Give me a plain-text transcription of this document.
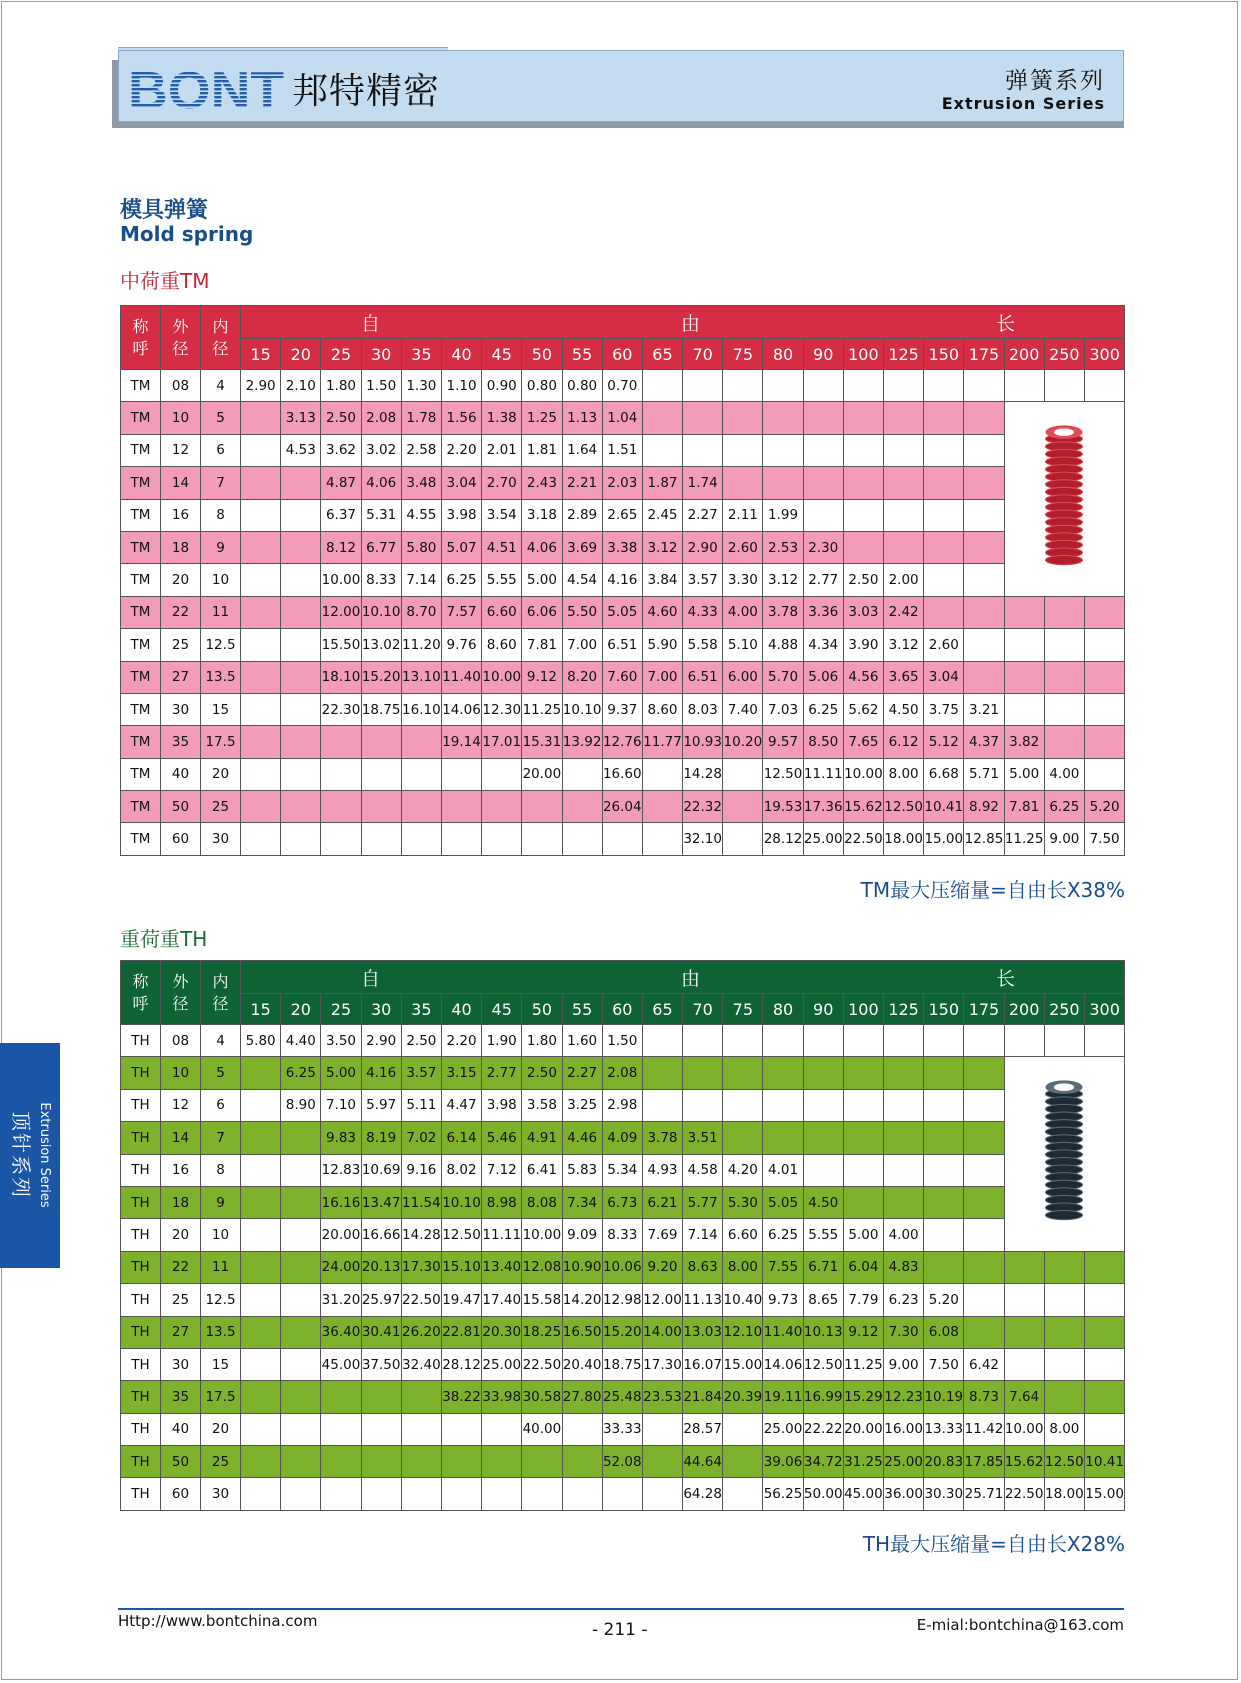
BONT 邦特精密	弹簧系列
Extrusion Series
模具弹簧
Mold spring
中荷重TM
称呼	外径	内径	自 由 长																					

			15	20	25	30	35	40	45	50	55	60	65	70	75	80	90	100	125	150	175	200	250	300
TM	08	4	2.90	2.10	1.80	1.50	1.30	1.10	0.90	0.80	0.80	0.70												
TM	10	5		3.13	2.50	2.08	1.78	1.56	1.38	1.25	1.13	1.04										
TM	12	6		4.53	3.62	3.02	2.58	2.20	2.01	1.81	1.64	1.51												
TM	14	7			4.87	4.06	3.48	3.04	2.70	2.43	2.21	2.03	1.87	1.74										
TM	16	8			6.37	5.31	4.55	3.98	3.54	3.18	2.89	2.65	2.45	2.27	2.11	1.99								
TM	18	9			8.12	6.77	5.80	5.07	4.51	4.06	3.69	3.38	3.12	2.90	2.60	2.53	2.30							
TM	20	10			10.00	8.33	7.14	6.25	5.55	5.00	4.54	4.16	3.84	3.57	3.30	3.12	2.77	2.50	2.00					
TM	22	11			12.00	10.10	8.70	7.57	6.60	6.06	5.50	5.05	4.60	4.33	4.00	3.78	3.36	3.03	2.42					
TM	25	12.5			15.50	13.02	11.20	9.76	8.60	7.81	7.00	6.51	5.90	5.58	5.10	4.88	4.34	3.90	3.12	2.60				
TM	27	13.5			18.10	15.20	13.10	11.40	10.00	9.12	8.20	7.60	7.00	6.51	6.00	5.70	5.06	4.56	3.65	3.04				
TM	30	15			22.30	18.75	16.10	14.06	12.30	11.25	10.10	9.37	8.60	8.03	7.40	7.03	6.25	5.62	4.50	3.75	3.21			
TM	35	17.5						19.14	17.01	15.31	13.92	12.76	11.77	10.93	10.20	9.57	8.50	7.65	6.12	5.12	4.37	3.82		
TM	40	20								20.00		16.60		14.28		12.50	11.11	10.00	8.00	6.68	5.71	5.00	4.00	
TM	50	25										26.04		22.32		19.53	17.36	15.62	12.50	10.41	8.92	7.81	6.25	5.20
TM	60	30												32.10		28.12	25.00	22.50	18.00	15.00	12.85	11.25	9.00	7.50
TM最大压缩量=自由长X38%
重荷重TH
称呼	外径	内径	自 由 长																					

			15	20	25	30	35	40	45	50	55	60	65	70	75	80	90	100	125	150	175	200	250	300
TH	08	4	5.80	4.40	3.50	2.90	2.50	2.20	1.90	1.80	1.60	1.50												
TH	10	5		6.25	5.00	4.16	3.57	3.15	2.77	2.50	2.27	2.08										
TH	12	6		8.90	7.10	5.97	5.11	4.47	3.98	3.58	3.25	2.98												
TH	14	7			9.83	8.19	7.02	6.14	5.46	4.91	4.46	4.09	3.78	3.51										
TH	16	8			12.83	10.69	9.16	8.02	7.12	6.41	5.83	5.34	4.93	4.58	4.20	4.01								
TH	18	9			16.16	13.47	11.54	10.10	8.98	8.08	7.34	6.73	6.21	5.77	5.30	5.05	4.50							
TH	20	10			20.00	16.66	14.28	12.50	11.11	10.00	9.09	8.33	7.69	7.14	6.60	6.25	5.55	5.00	4.00					
TH	22	11			24.00	20.13	17.30	15.10	13.40	12.08	10.90	10.06	9.20	8.63	8.00	7.55	6.71	6.04	4.83					
TH	25	12.5			31.20	25.97	22.50	19.47	17.40	15.58	14.20	12.98	12.00	11.13	10.40	9.73	8.65	7.79	6.23	5.20				
TH	27	13.5			36.40	30.41	26.20	22.81	20.30	18.25	16.50	15.20	14.00	13.03	12.10	11.40	10.13	9.12	7.30	6.08				
TH	30	15			45.00	37.50	32.40	28.12	25.00	22.50	20.40	18.75	17.30	16.07	15.00	14.06	12.50	11.25	9.00	7.50	6.42			
TH	35	17.5						38.22	33.98	30.58	27.80	25.48	23.53	21.84	20.39	19.11	16.99	15.29	12.23	10.19	8.73	7.64		
TH	40	20								40.00		33.33		28.57		25.00	22.22	20.00	16.00	13.33	11.42	10.00	8.00	
TH	50	25										52.08		44.64		39.06	34.72	31.25	25.00	20.83	17.85	15.62	12.50	10.41
TH	60	30												64.28		56.25	50.00	45.00	36.00	30.30	25.71	22.50	18.00	15.00
TH最大压缩量=自由长X28%
Extrusion Series
顶针系列
Http://www.bontchina.com	- 211 -	E-mial:bontchina@163.com
